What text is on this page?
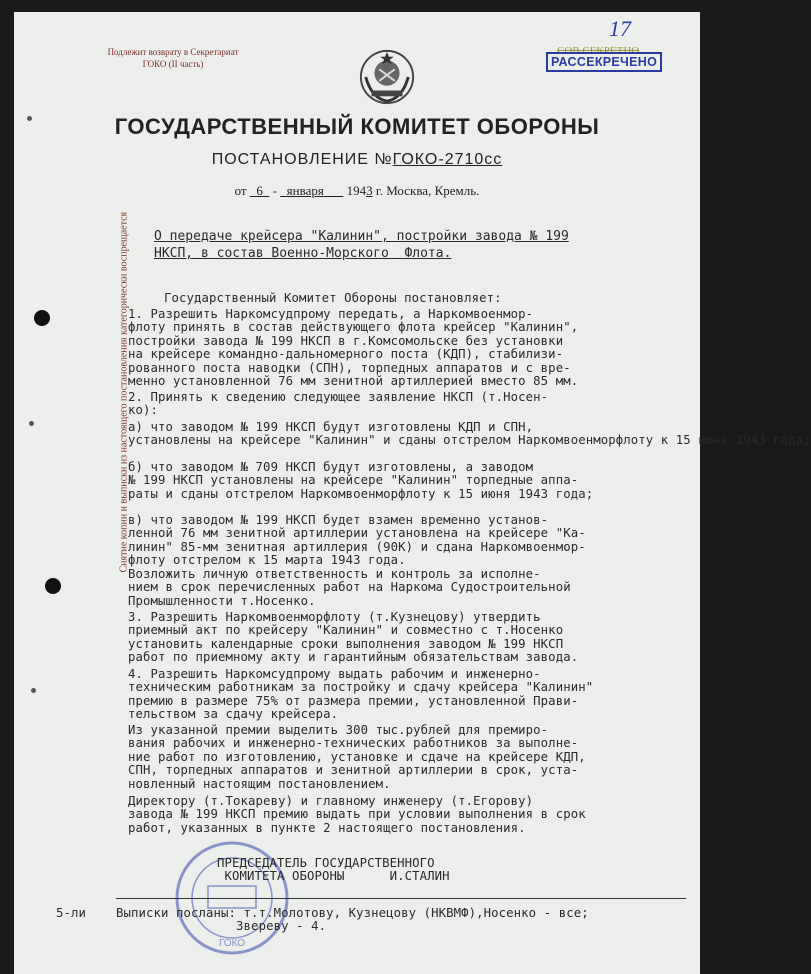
Снятие копии и выписки из настоящего постановления категорически воспрещается
Подлежит возврату в Секретариат
ГОКО (II часть)
17
СОВ.СЕКРЕТНО
РАССЕКРЕЧЕНО
ГОСУДАРСТВЕННЫЙ КОМИТЕТ ОБОРОНЫ
ПОСТАНОВЛЕНИЕ №ГОКО-2710сс
от 6 - января 1943 г. Москва, Кремль.
О передаче крейсера "Калинин", постройки завода № 199
НКСП, в состав Военно-Морского  Флота.
Государственный Комитет Обороны постановляет:
1. Разрешить Наркомсудпрому передать, а Наркомвоенмор-
флоту принять в состав действующего флота крейсер "Калинин",
постройки завода № 199 НКСП в г.Комсомольске без установки
на крейсере командно-дальномерного поста (КДП), стабилизи-
рованного поста наводки (СПН), торпедных аппаратов и с вре-
менно установленной 76 мм зенитной артиллерией вместо 85 мм.
2. Принять к сведению следующее заявление НКСП (т.Носен-
ко):
а) что заводом № 199 НКСП будут изготовлены КДП и СПН,
установлены на крейсере "Калинин" и сданы отстрелом Наркомвоенморфлоту к 15 июня 1943 года;
б) что заводом № 709 НКСП будут изготовлены, а заводом
№ 199 НКСП установлены на крейсере "Калинин" торпедные аппа-
раты и сданы отстрелом Наркомвоенморфлоту к 15 июня 1943 года;
в) что заводом № 199 НКСП будет взамен временно установ-
ленной 76 мм зенитной артиллерии установлена на крейсере "Ка-
линин" 85-мм зенитная артиллерия (90К) и сдана Наркомвоенмор-
флоту отстрелом к 15 марта 1943 года.
Возложить личную ответственность и контроль за исполне-
нием в срок перечисленных работ на Наркома Судостроительной
Промышленности т.Носенко.
3. Разрешить Наркомвоенморфлоту (т.Кузнецову) утвердить
приемный акт по крейсеру "Калинин" и совместно с т.Носенко
установить календарные сроки выполнения заводом № 199 НКСП
работ по приемному акту и гарантийным обязательствам завода.
4. Разрешить Наркомсудпрому выдать рабочим и инженерно-
техническим работникам за постройку и сдачу крейсера "Калинин"
премию в размере 75% от размера премии, установленной Прави-
тельством за сдачу крейсера.
Из указанной премии выделить 300 тыс.рублей для премиро-
вания рабочих и инженерно-технических работников за выполне-
ние работ по изготовлению, установке и сдаче на крейсере КДП,
СПН, торпедных аппаратов и зенитной артиллерии в срок, уста-
новленный настоящим постановлением.
Директору (т.Токареву) и главному инженеру (т.Егорову)
завода № 199 НКСП премию выдать при условии выполнения в срок
работ, указанных в пункте 2 настоящего постановления.
ГОКО
ПРЕДСЕДАТЕЛЬ ГОСУДАРСТВЕННОГО
КОМИТЕТА ОБОРОНЫ      И.СТАЛИН
5-ли Выписки посланы: т.т.Молотову, Кузнецову (НКВМФ),Носенко - все;
Звереву - 4.
